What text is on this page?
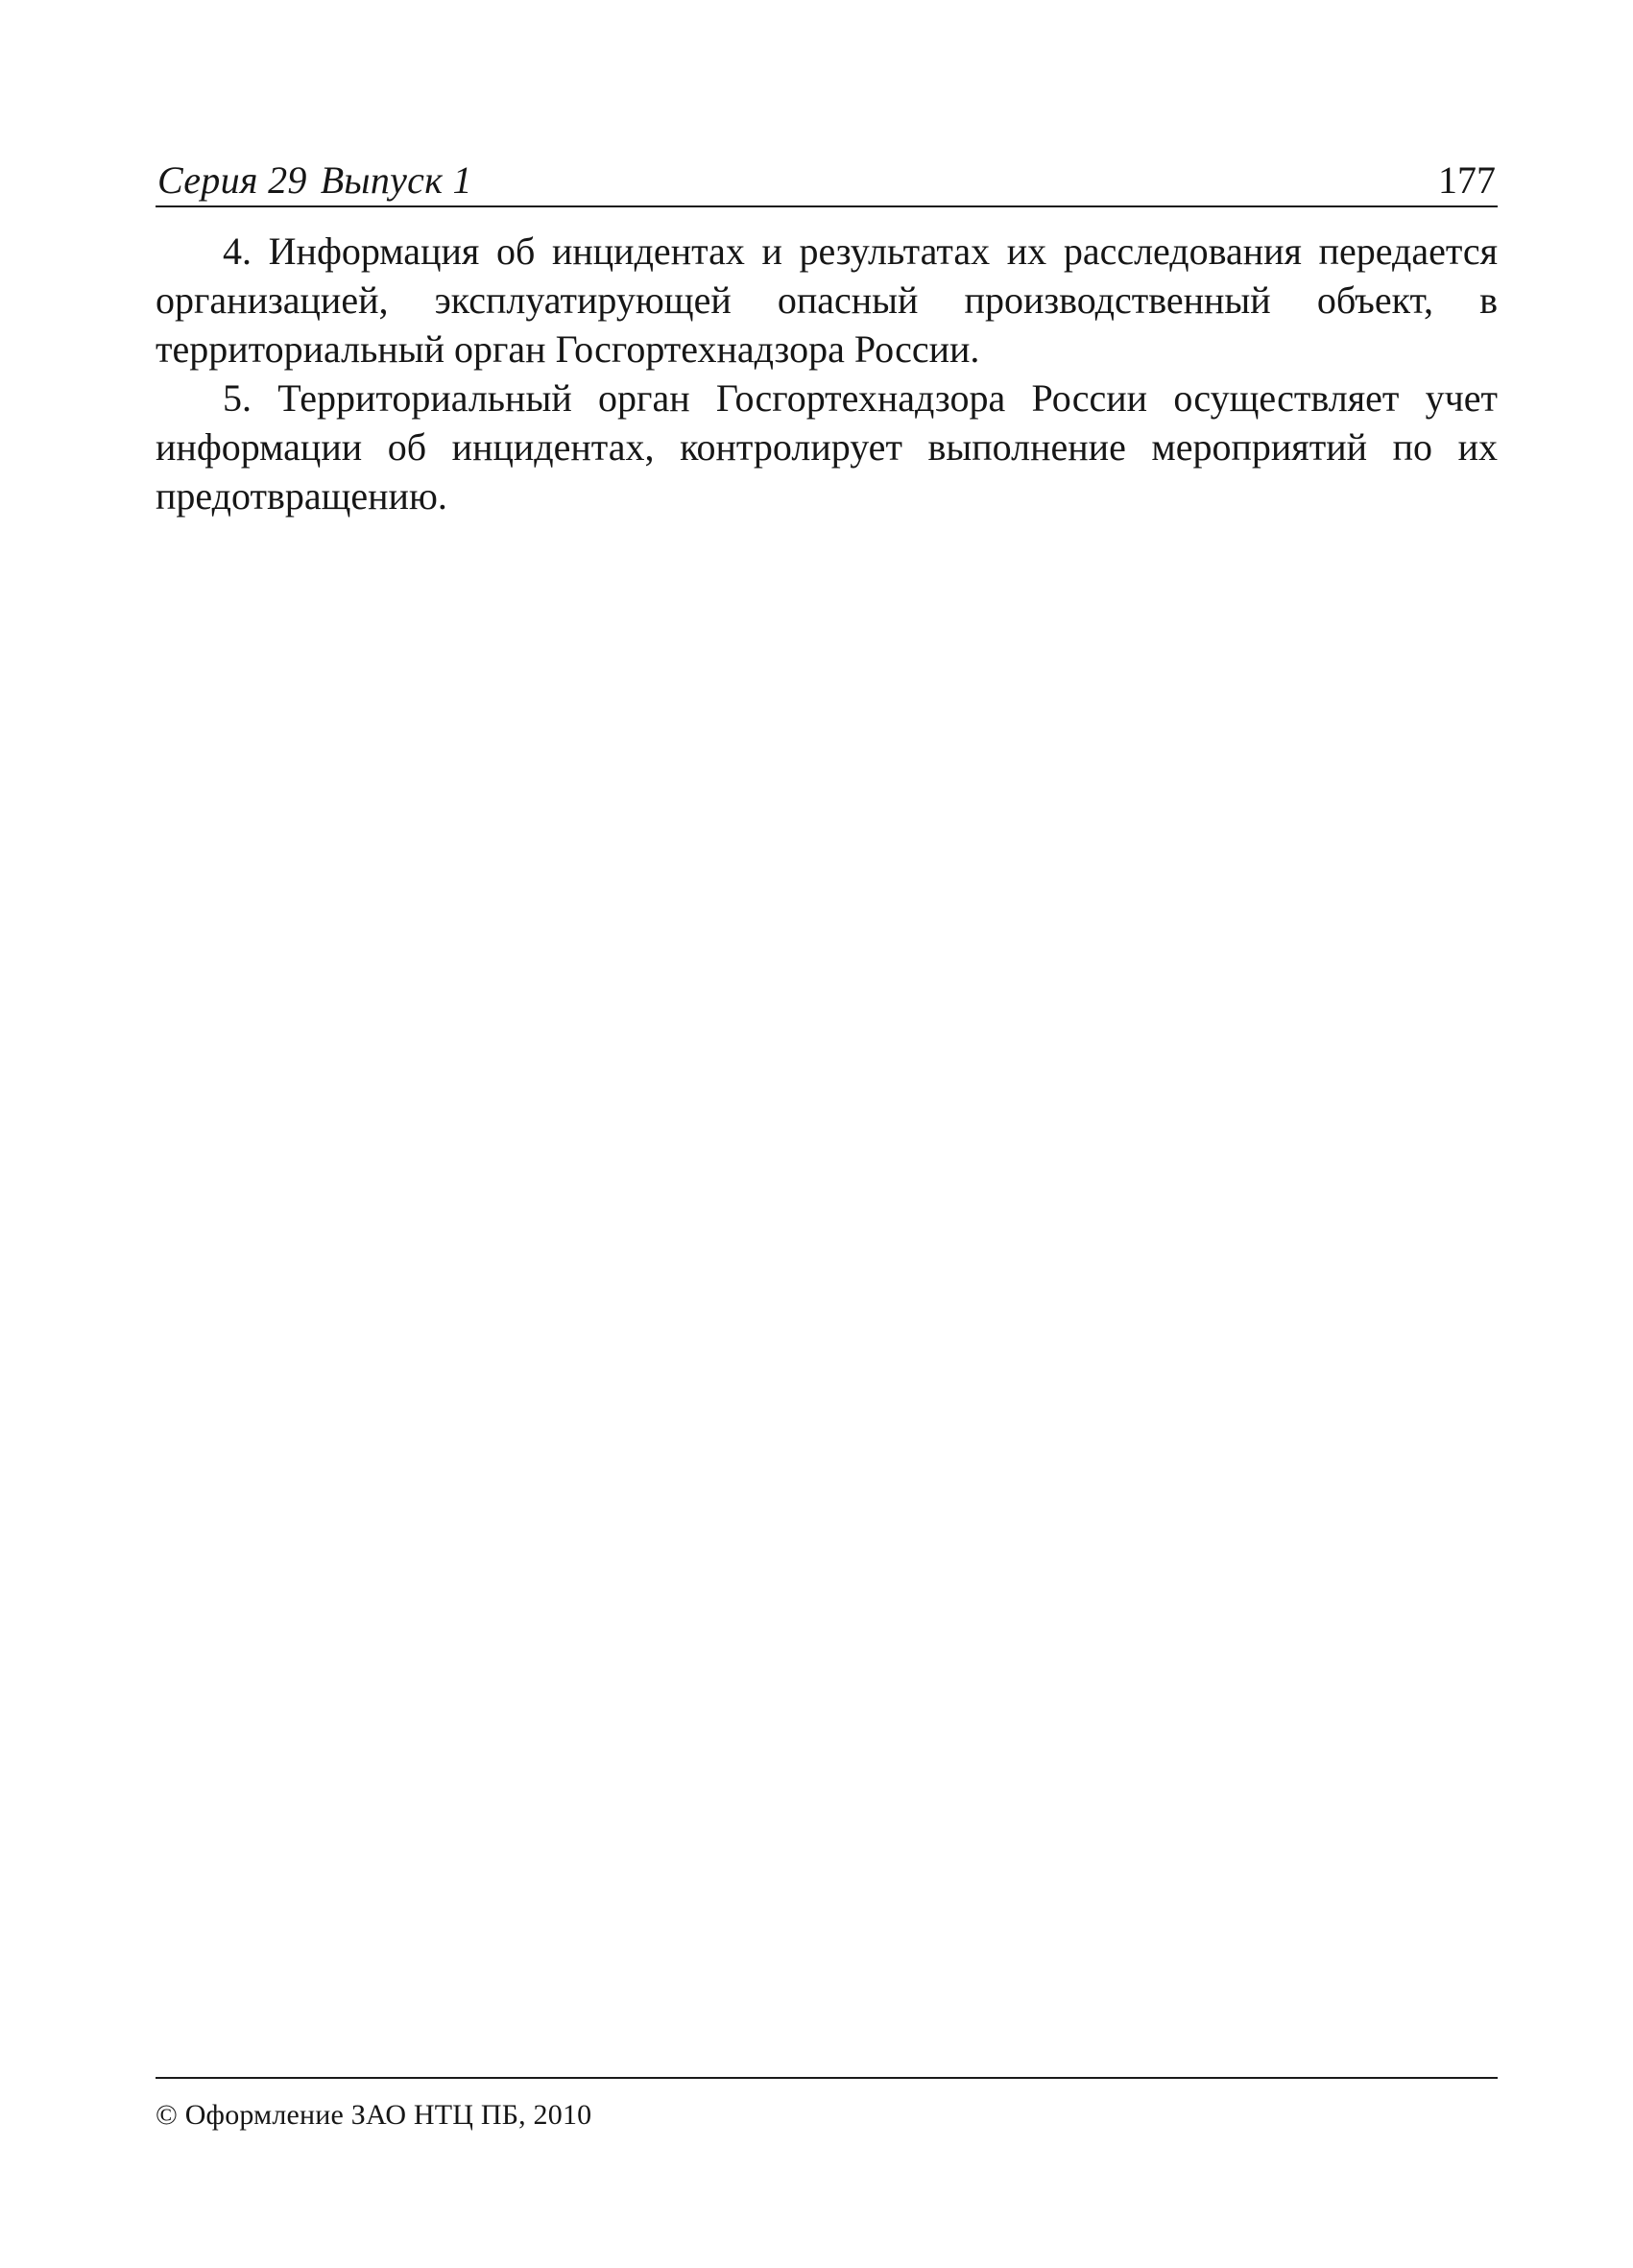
Серия 29 Выпуск 1	177

4. Информация об инцидентах и результатах их расследования передается организацией, эксплуатирующей опасный производственный объект, в территориальный орган Госгортехнадзора России.

5. Территориальный орган Госгортехнадзора России осуществляет учет информации об инцидентах, контролирует выполнение мероприятий по их предотвращению.

© Оформление ЗАО НТЦ ПБ, 2010
